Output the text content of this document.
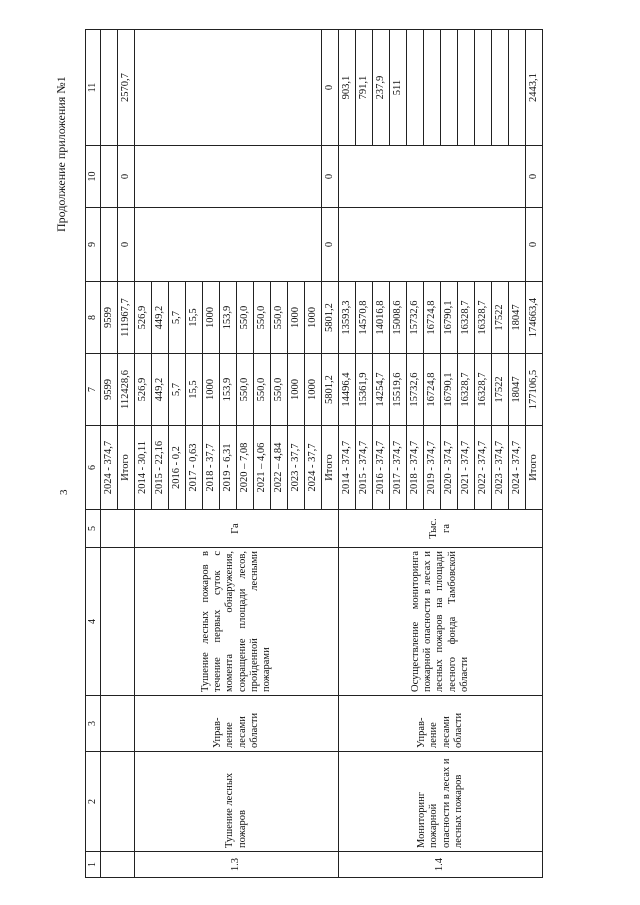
3
Продолжение приложения №1
1	2	3	4	5	6	7	8	9	10	11
					2024 - 374,7	9599	9599			
					Итого	112428,6	111967,7	0	0	2570,7
1.3	Тушение лесных пожаров	Управ-ление лесами области	Тушение лесных пожаров в течение первых суток с момента обнаружения, сокращение площади лесов, пройденной лесными пожарами	Га	2014 - 30,11	526,9	526,9			
					2015 - 22,16	449,2	449,2			
					2016 - 0,2	5,7	5,7			
					2017 - 0,63	15,5	15,5			
					2018 - 37,7	1000	1000			
					2019 - 6,31	153,9	153,9			
					2020 – 7,08	550,0	550,0			
					2021 – 4,06	550,0	550,0			
					2022 – 4,84	550,0	550,0			
					2023 - 37,7	1000	1000			
					2024 - 37,7	1000	1000			
					Итого	5801,2	5801,2	0	0	0
1.4	Мониторинг пожарной опасности в лесах и лесных пожаров	Управ-ление лесами области	Осуществление мониторинга пожарной опасности в лесах и лесных пожаров на площади лесного фонда Тамбовской области	Тыс. га	2014 - 374,7	14496,4	13593,3			903,1
					2015 - 374,7	15361,9	14570,8			791,1
					2016 - 374,7	14254,7	14016,8			237,9
					2017 - 374,7	15519,6	15008,6			511
					2018 - 374,7	15732,6	15732,6			
					2019 - 374,7	16724,8	16724,8			
					2020 - 374,7	16790,1	16790,1			
					2021 - 374,7	16328,7	16328,7			
					2022 - 374,7	16328,7	16328,7			
					2023 - 374,7	17522	17522			
					2024 - 374,7	18047	18047			
					Итого	177106,5	174663,4	0	0	2443,1
